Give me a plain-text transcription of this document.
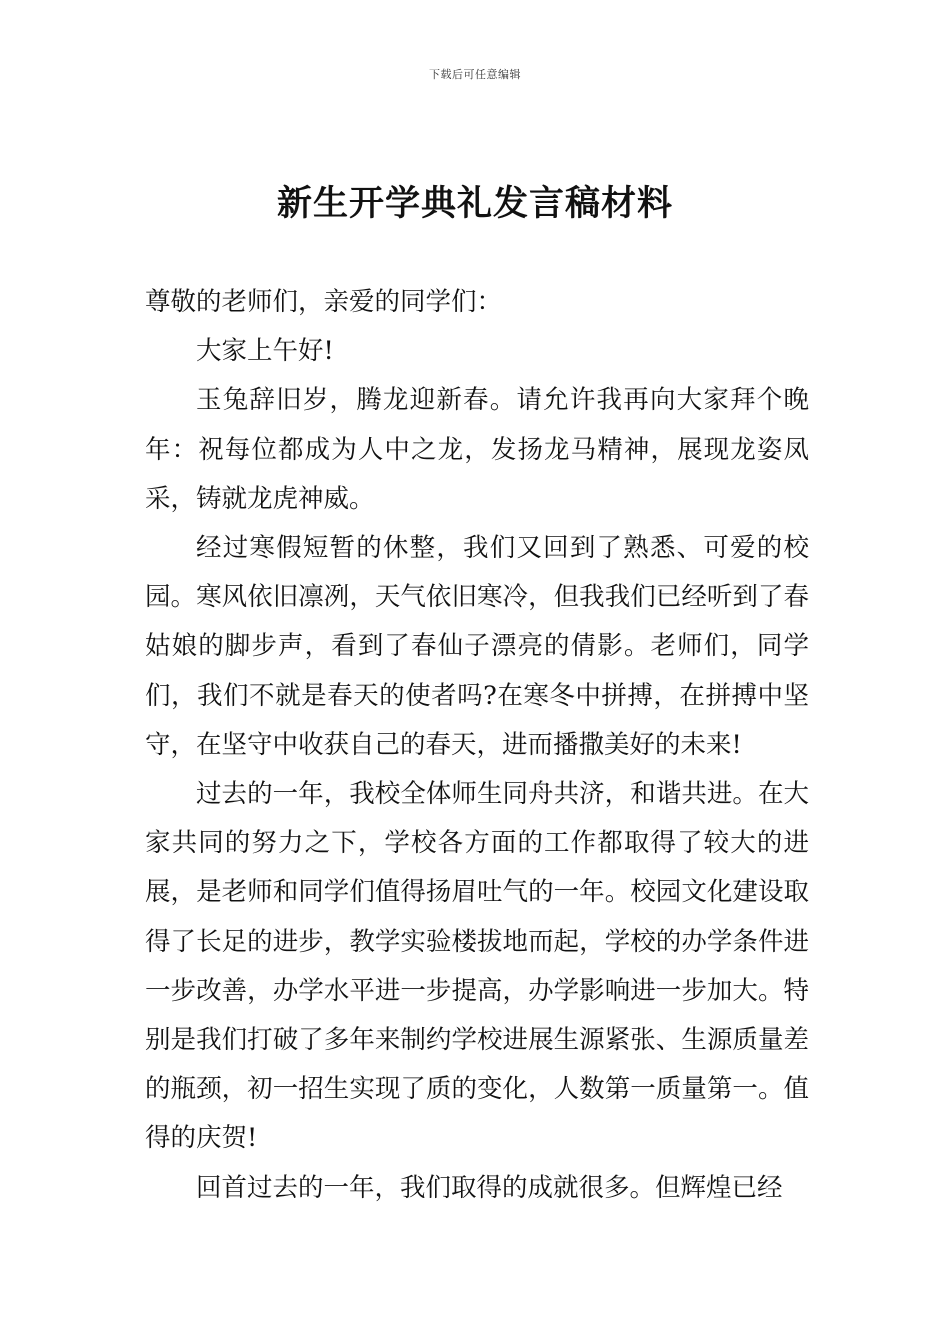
下载后可任意编辑
新生开学典礼发言稿材料

尊敬的老师们，亲爱的同学们：

大家上午好!

玉兔辞旧岁，腾龙迎新春。请允许我再向大家拜个晚年：祝每位都成为人中之龙，发扬龙马精神，展现龙姿凤采，铸就龙虎神威。

经过寒假短暂的休整，我们又回到了熟悉、可爱的校园。寒风依旧凛冽，天气依旧寒冷，但我我们已经听到了春姑娘的脚步声，看到了春仙子漂亮的倩影。老师们，同学们，我们不就是春天的使者吗?在寒冬中拼搏，在拼搏中坚守，在坚守中收获自己的春天，进而播撒美好的未来!

过去的一年，我校全体师生同舟共济，和谐共进。在大家共同的努力之下，学校各方面的工作都取得了较大的进展，是老师和同学们值得扬眉吐气的一年。校园文化建设取得了长足的进步，教学实验楼拔地而起，学校的办学条件进一步改善，办学水平进一步提高，办学影响进一步加大。特别是我们打破了多年来制约学校进展生源紧张、生源质量差的瓶颈，初一招生实现了质的变化，人数第一质量第一。值得的庆贺!

回首过去的一年，我们取得的成就很多。但辉煌已经
